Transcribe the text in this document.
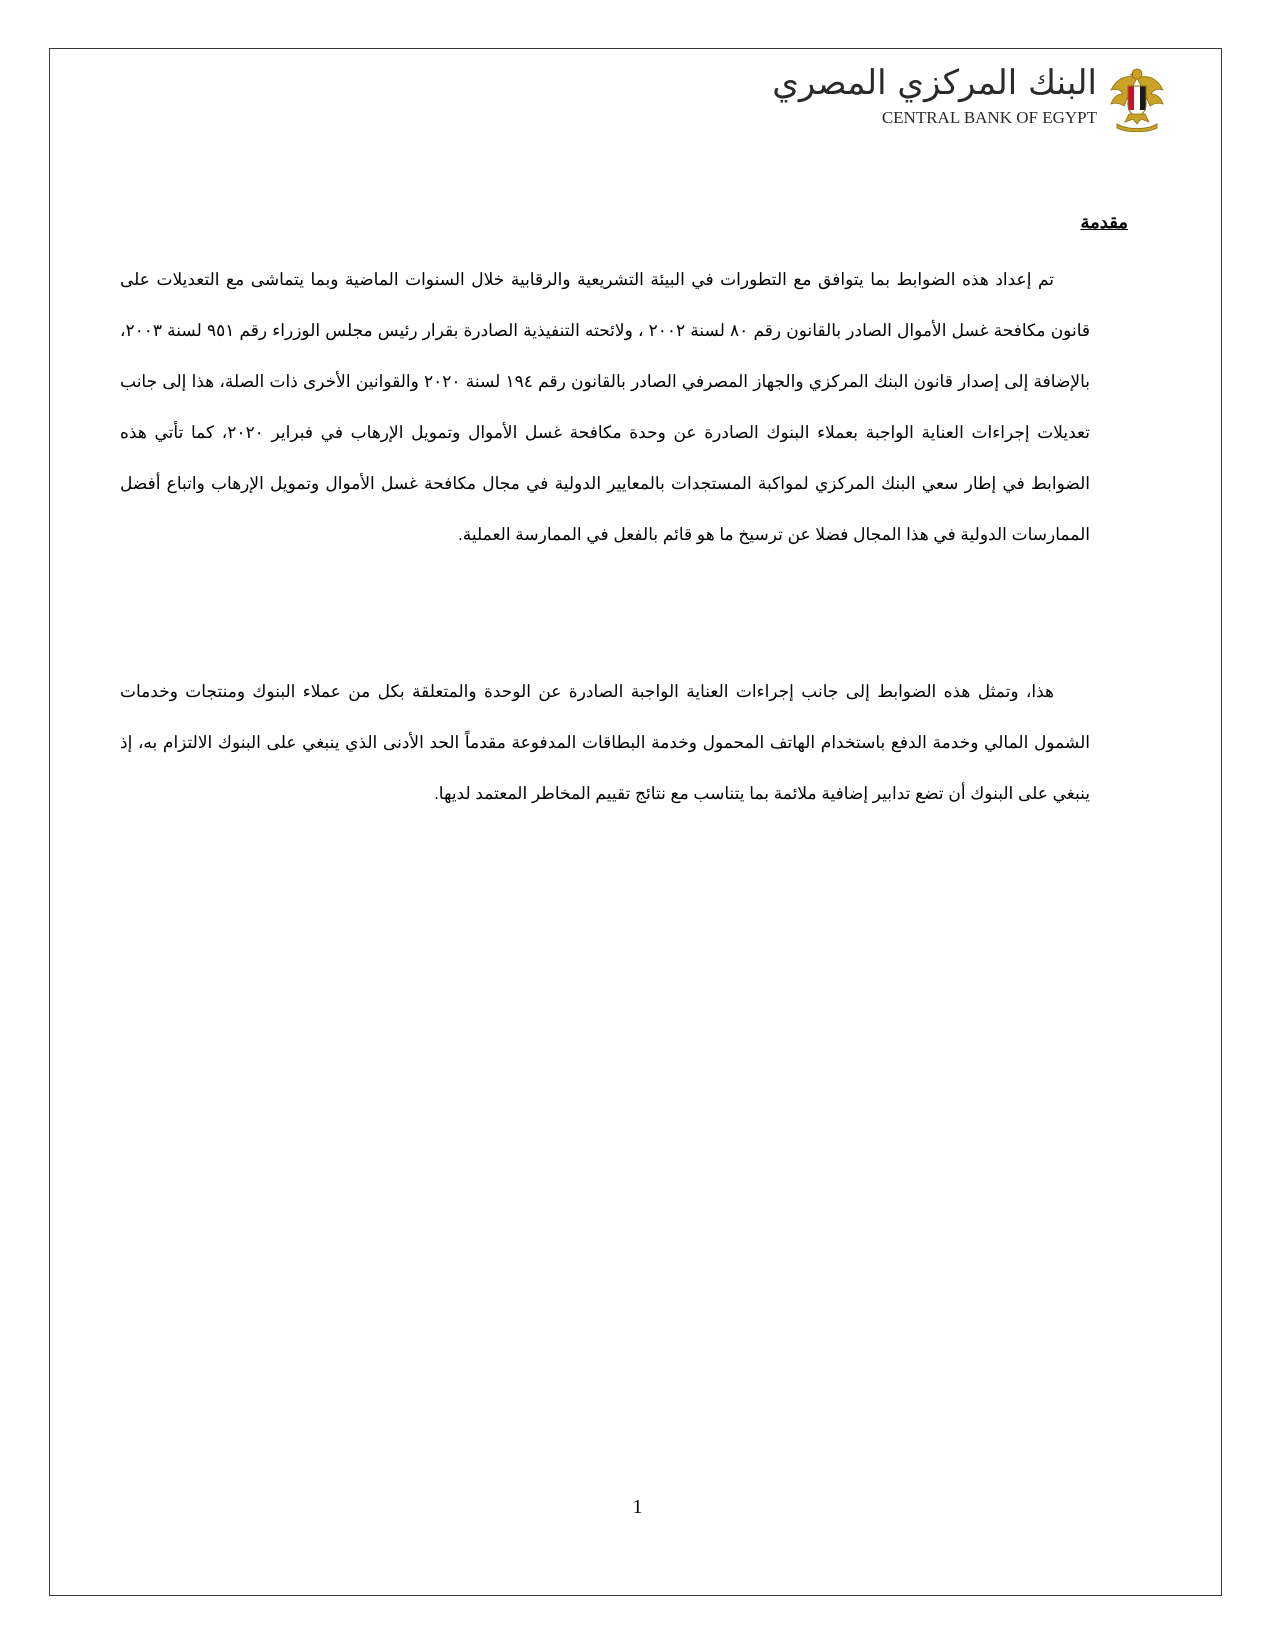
البنك المركزي المصري
CENTRAL BANK OF EGYPT
مقدمة

تم إعداد هذه الضوابط بما يتوافق مع التطورات في البيئة التشريعية والرقابية خلال السنوات الماضية وبما يتماشى مع التعديلات على قانون مكافحة غسل الأموال الصادر بالقانون رقم ٨٠ لسنة ٢٠٠٢ ، ولائحته التنفيذية الصادرة بقرار رئيس مجلس الوزراء رقم ٩٥١ لسنة ٢٠٠٣، بالإضافة إلى إصدار قانون البنك المركزي والجهاز المصرفي الصادر بالقانون رقم ١٩٤ لسنة ٢٠٢٠ والقوانين الأخرى ذات الصلة، هذا إلى جانب تعديلات إجراءات العناية الواجبة بعملاء البنوك الصادرة عن وحدة مكافحة غسل الأموال وتمويل الإرهاب في فبراير ٢٠٢٠، كما تأتي هذه الضوابط في إطار سعي البنك المركزي لمواكبة المستجدات بالمعايير الدولية في مجال مكافحة غسل الأموال وتمويل الإرهاب واتباع أفضل الممارسات الدولية في هذا المجال فضلا عن ترسيخ ما هو قائم بالفعل في الممارسة العملية.

هذا، وتمثل هذه الضوابط إلى جانب إجراءات العناية الواجبة الصادرة عن الوحدة والمتعلقة بكل من عملاء البنوك ومنتجات وخدمات الشمول المالي وخدمة الدفع باستخدام الهاتف المحمول وخدمة البطاقات المدفوعة مقدماً الحد الأدنى الذي ينبغي على البنوك الالتزام به، إذ ينبغي على البنوك أن تضع تدابير إضافية ملائمة بما يتناسب مع نتائج تقييم المخاطر المعتمد لديها.

1
